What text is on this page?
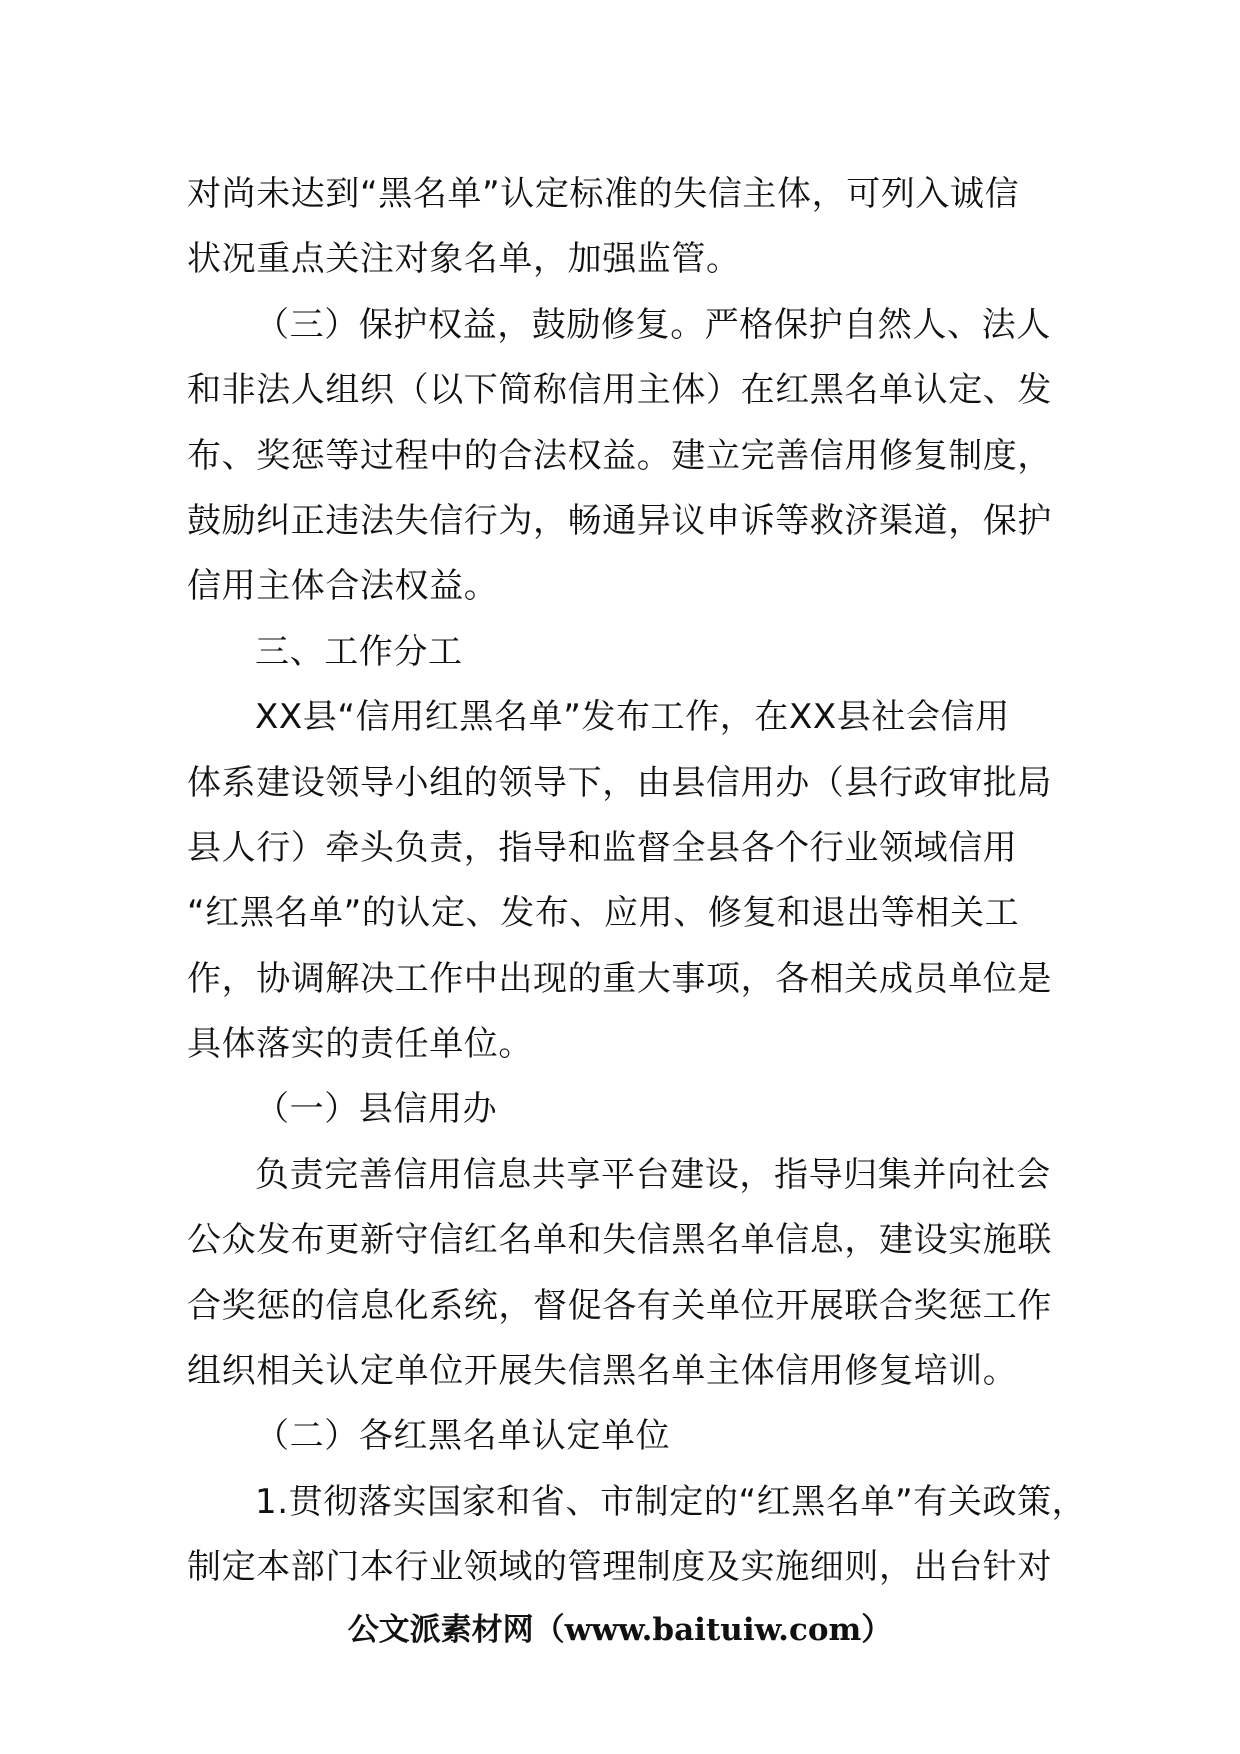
对尚未达到“黑名单”认定标准的失信主体，可列入诚信
状况重点关注对象名单，加强监管。
（三）保护权益，鼓励修复。严格保护自然人、法人
和非法人组织（以下简称信用主体）在红黑名单认定、发
布、奖惩等过程中的合法权益。建立完善信用修复制度，
鼓励纠正违法失信行为，畅通异议申诉等救济渠道，保护
信用主体合法权益。
三、工作分工
XX县“信用红黑名单”发布工作，在XX县社会信用
体系建设领导小组的领导下，由县信用办（县行政审批局
县人行）牵头负责，指导和监督全县各个行业领域信用
“红黑名单”的认定、发布、应用、修复和退出等相关工
作，协调解决工作中出现的重大事项，各相关成员单位是
具体落实的责任单位。
（一）县信用办
负责完善信用信息共享平台建设，指导归集并向社会
公众发布更新守信红名单和失信黑名单信息，建设实施联
合奖惩的信息化系统，督促各有关单位开展联合奖惩工作
组织相关认定单位开展失信黑名单主体信用修复培训。
（二）各红黑名单认定单位
1.贯彻落实国家和省、市制定的“红黑名单”有关政策，
制定本部门本行业领域的管理制度及实施细则，出台针对
公文派素材网（www.baituiw.com）
